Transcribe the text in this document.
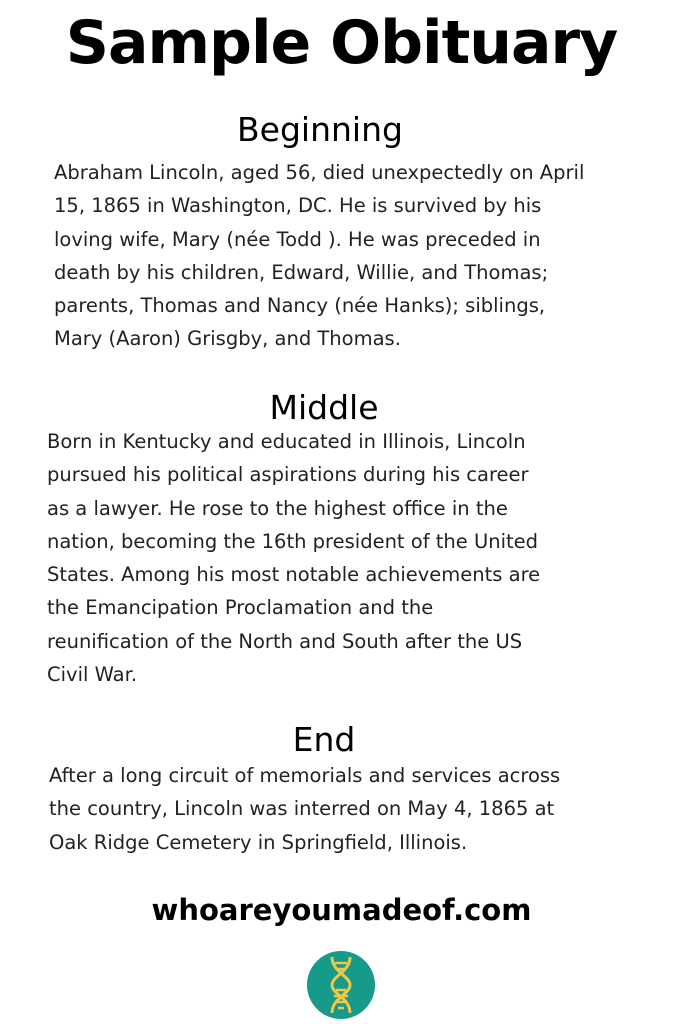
Sample Obituary
Beginning

Abraham Lincoln, aged 56, died unexpectedly on April
15, 1865 in Washington, DC. He is survived by his
loving wife, Mary (née Todd ). He was preceded in
death by his children, Edward, Willie, and Thomas;
parents, Thomas and Nancy (née Hanks); siblings,
Mary (Aaron) Grisgby, and Thomas.

Middle

Born in Kentucky and educated in Illinois, Lincoln
pursued his political aspirations during his career
as a lawyer. He rose to the highest office in the
nation, becoming the 16th president of the United
States. Among his most notable achievements are
the Emancipation Proclamation and the
reunification of the North and South after the US
Civil War.

End

After a long circuit of memorials and services across
the country, Lincoln was interred on May 4, 1865 at
Oak Ridge Cemetery in Springfield, Illinois.

whoareyoumadeof.com
